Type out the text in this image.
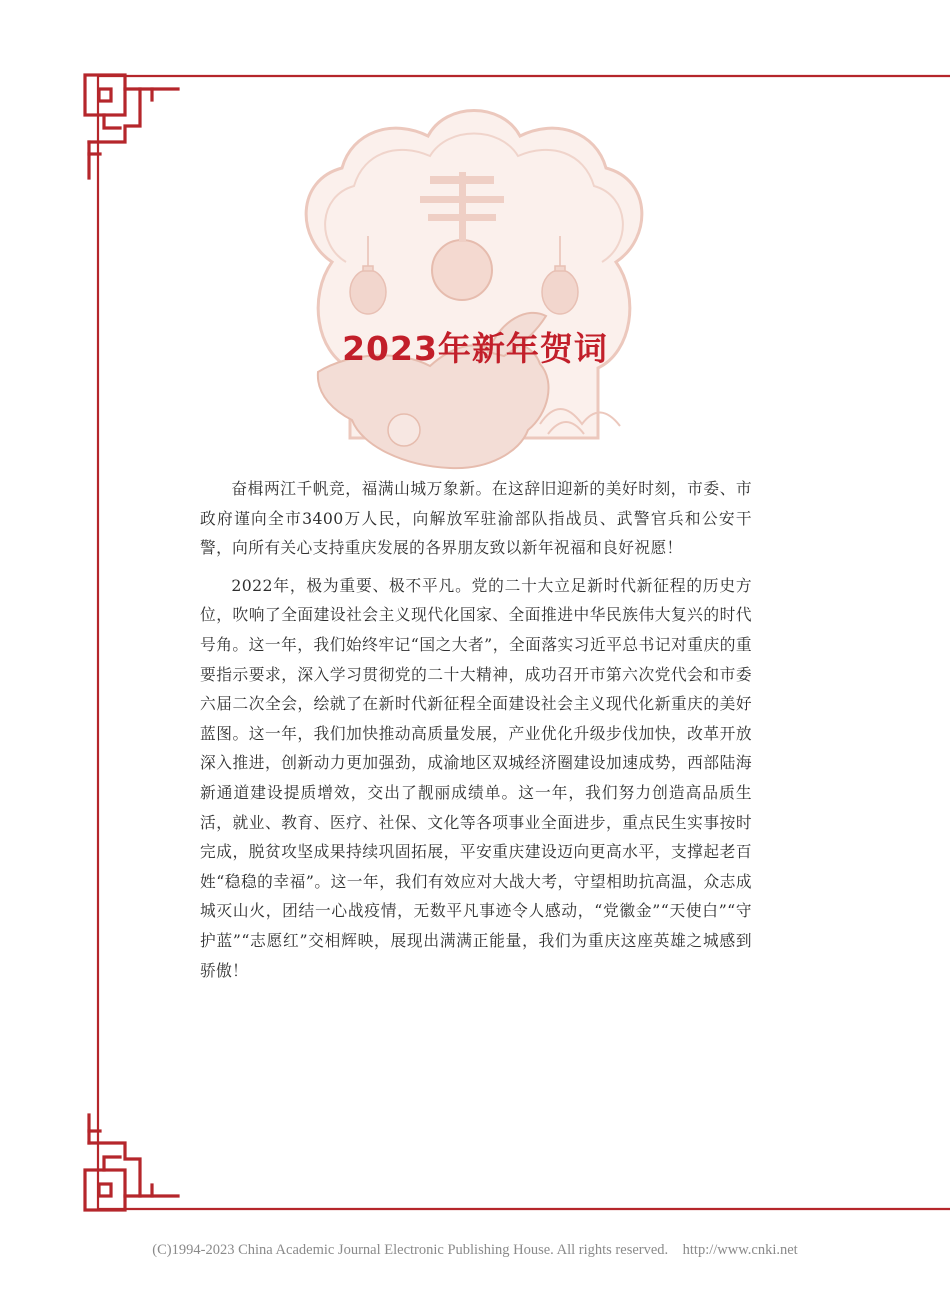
2023年新年贺词

奋楫两江千帆竞，福满山城万象新。在这辞旧迎新的美好时刻，市委、市政府谨向全市3400万人民，向解放军驻渝部队指战员、武警官兵和公安干警，向所有关心支持重庆发展的各界朋友致以新年祝福和良好祝愿！

2022年，极为重要、极不平凡。党的二十大立足新时代新征程的历史方位，吹响了全面建设社会主义现代化国家、全面推进中华民族伟大复兴的时代号角。这一年，我们始终牢记“国之大者”，全面落实习近平总书记对重庆的重要指示要求，深入学习贯彻党的二十大精神，成功召开市第六次党代会和市委六届二次全会，绘就了在新时代新征程全面建设社会主义现代化新重庆的美好蓝图。这一年，我们加快推动高质量发展，产业优化升级步伐加快，改革开放深入推进，创新动力更加强劲，成渝地区双城经济圈建设加速成势，西部陆海新通道建设提质增效，交出了靓丽成绩单。这一年，我们努力创造高品质生活，就业、教育、医疗、社保、文化等各项事业全面进步，重点民生实事按时完成，脱贫攻坚成果持续巩固拓展，平安重庆建设迈向更高水平，支撑起老百姓“稳稳的幸福”。这一年，我们有效应对大战大考，守望相助抗高温，众志成城灭山火，团结一心战疫情，无数平凡事迹令人感动，“党徽金”“天使白”“守护蓝”“志愿红”交相辉映，展现出满满正能量，我们为重庆这座英雄之城感到骄傲！

(C)1994-2023 China Academic Journal Electronic Publishing House. All rights reserved.    http://www.cnki.net
